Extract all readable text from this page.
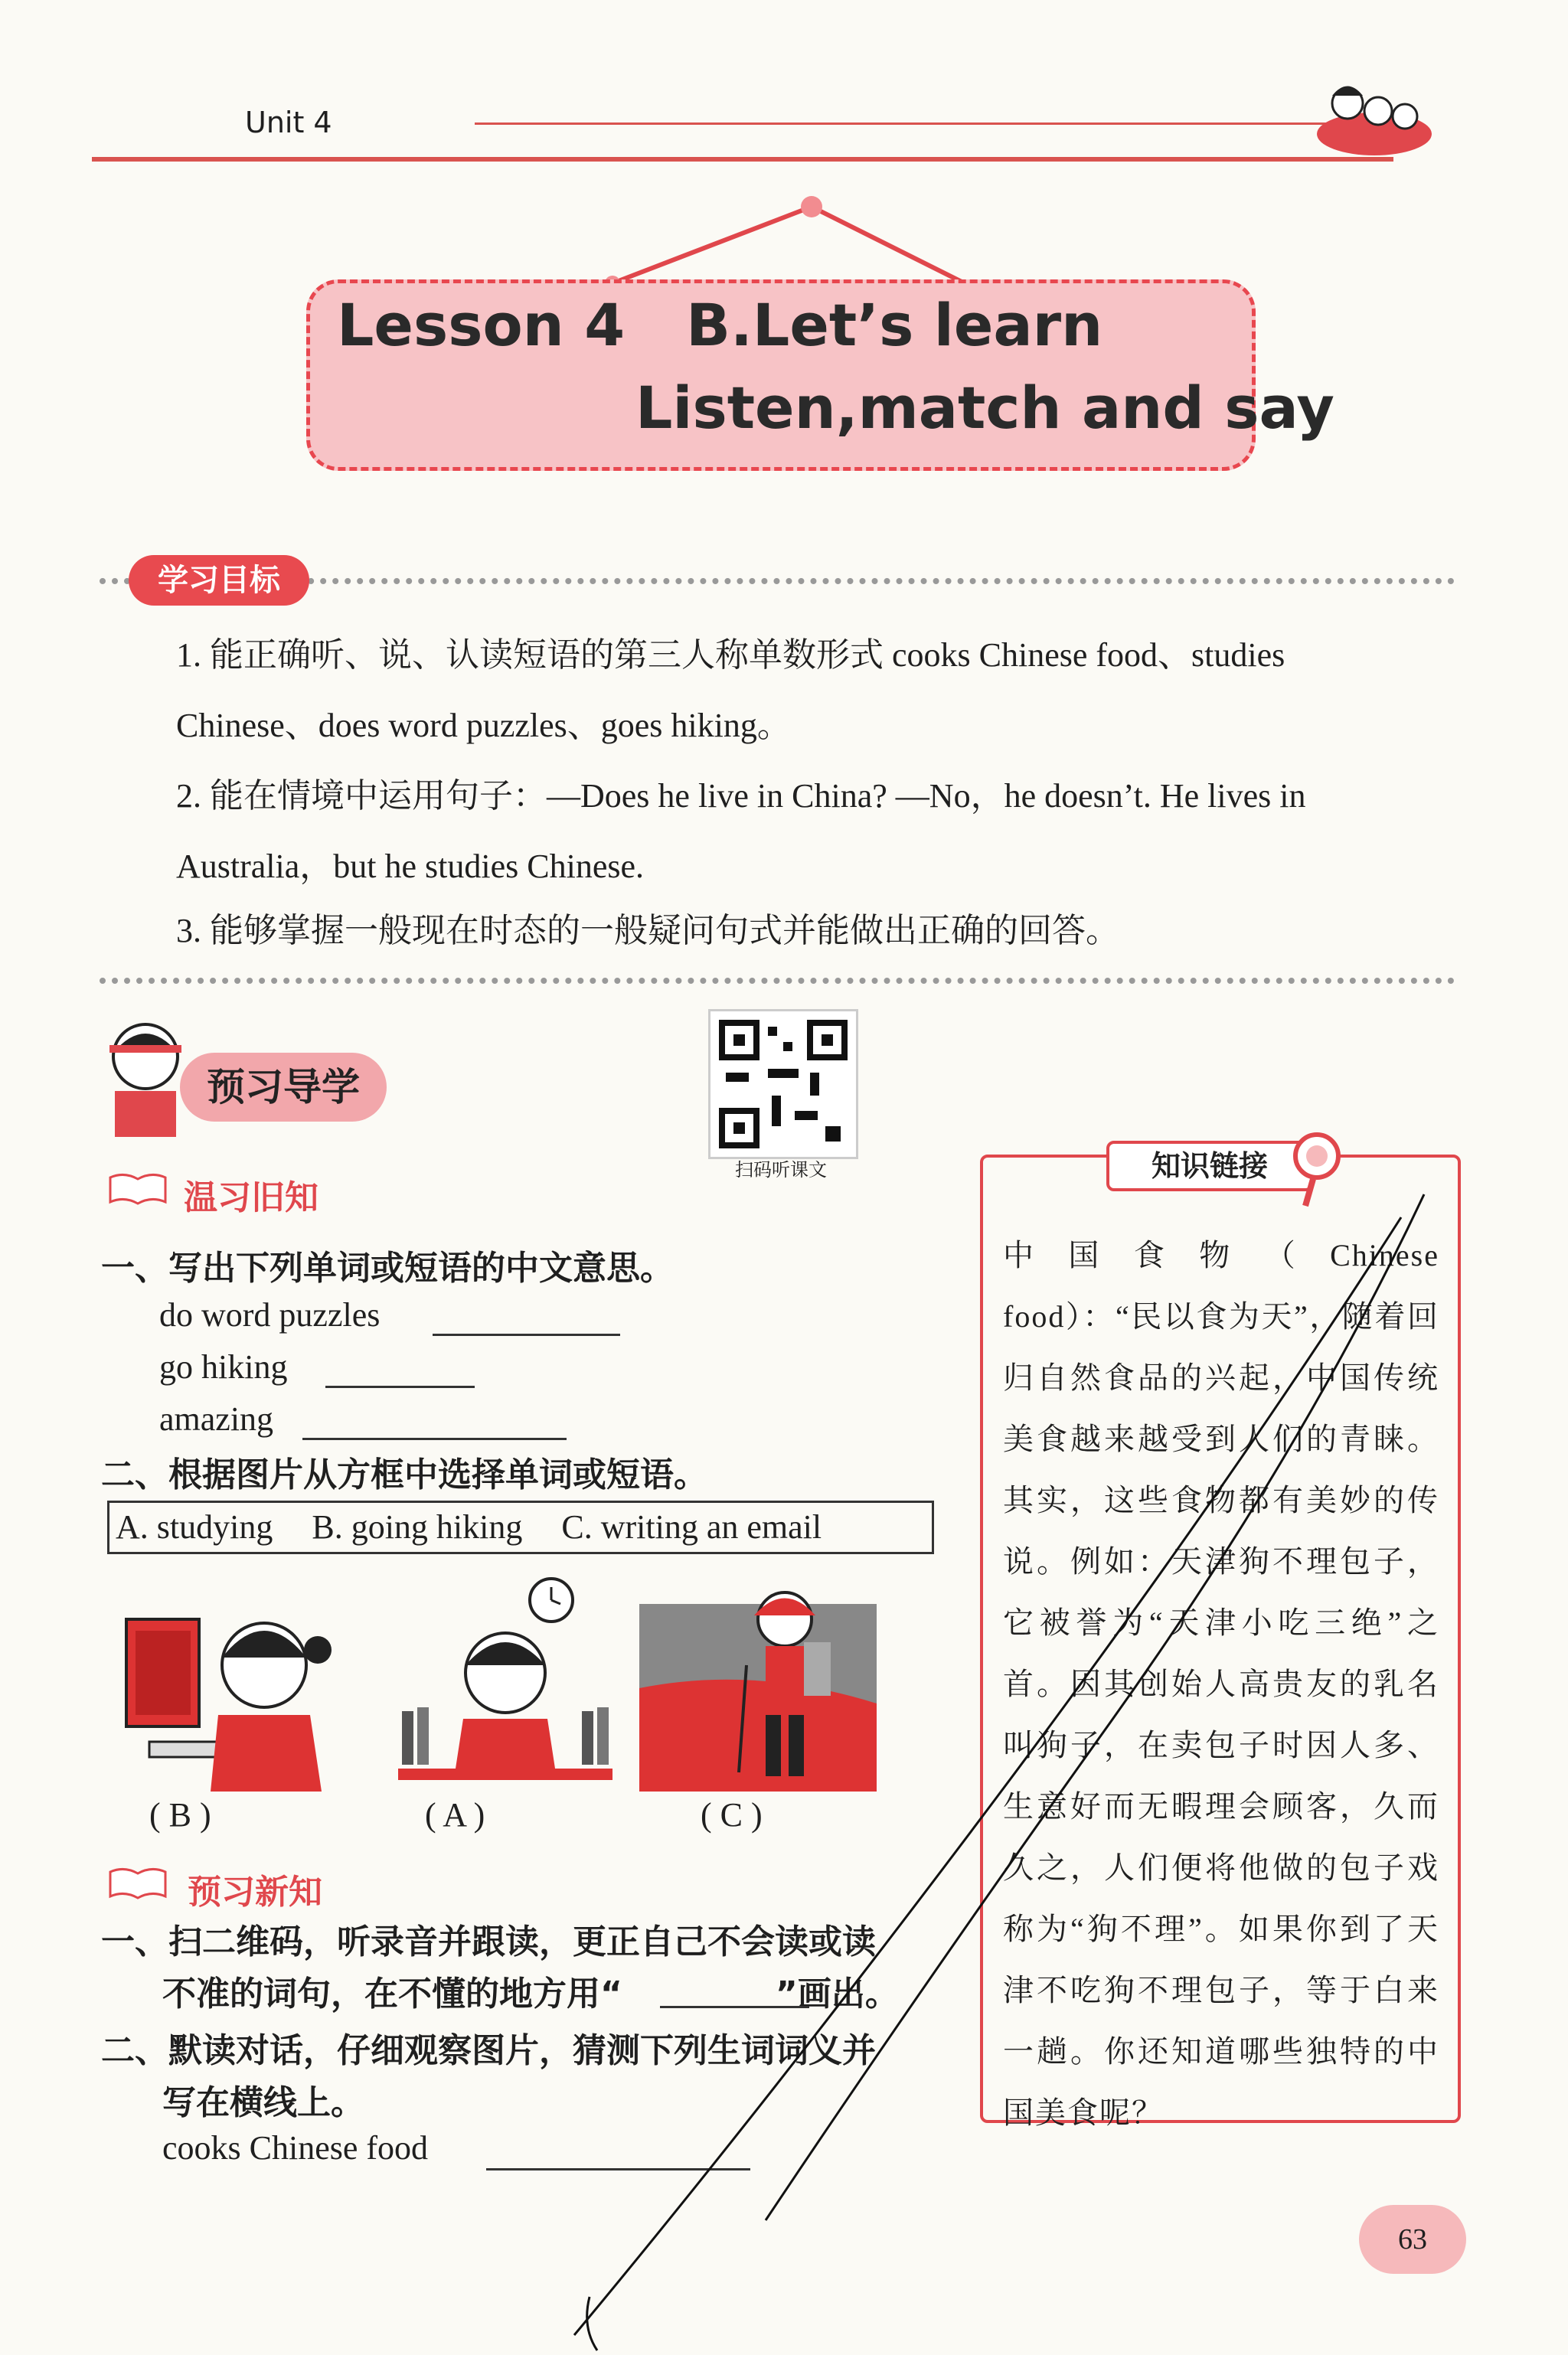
Unit 4
Lesson 4 B.Let’s learn
Listen,match and say
学习目标
1. 能正确听、说、认读短语的第三人称单数形式 cooks Chinese food、studies Chinese、does word puzzles、goes hiking。
2. 能在情境中运用句子：—Does he live in China? —No，he doesn’t. He lives in Australia，but he studies Chinese.
3. 能够掌握一般现在时态的一般疑问句式并能做出正确的回答。
预习导学
扫码听课文
温习旧知
一、写出下列单词或短语的中文意思。
do word puzzles
go hiking
amazing
二、根据图片从方框中选择单词或短语。
A. studying B. going hiking C. writing an email
( B )	( A )	( C )
预习新知
一、扫二维码，听录音并跟读，更正自己不会读或读
不准的词句，在不懂的地方用“	”画出。
二、默读对话，仔细观察图片，猜测下列生词词义并
写在横线上。
cooks Chinese food
知识链接
中国食物（Chinese food）：“民以食为天”，随着回归自然食品的兴起，中国传统美食越来越受到人们的青睐。其实，这些食物都有美妙的传说。例如：天津狗不理包子，它被誉为“天津小吃三绝”之首。因其创始人高贵友的乳名叫狗子，在卖包子时因人多、生意好而无暇理会顾客，久而久之，人们便将他做的包子戏称为“狗不理”。如果你到了天津不吃狗不理包子，等于白来一趟。你还知道哪些独特的中国美食呢？
63
